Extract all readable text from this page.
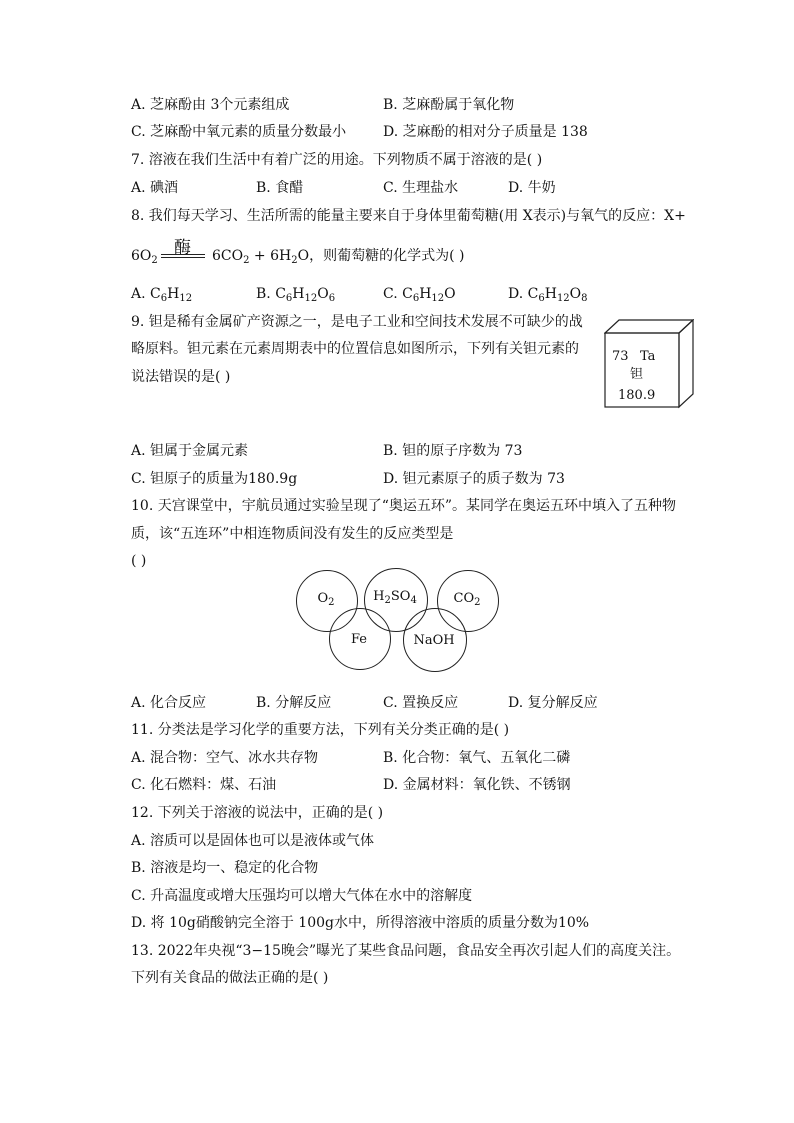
A. 芝麻酚由 3个元素组成	B. 芝麻酚属于氧化物
C. 芝麻酚中氧元素的质量分数最小	D. 芝麻酚的相对分子质量是 138
7. 溶液在我们生活中有着广泛的用途。下列物质不属于溶液的是( )
A. 碘酒	B. 食醋	C. 生理盐水	D. 牛奶
8. 我们每天学习、生活所需的能量主要来自于身体里葡萄糖(用 X表示)与氧气的反应：X+
$6O_2$
酶 $6CO_2 + 6H_2O$，则葡萄糖的化学式为( )
A. $C_6H_{12}$	B. $C_6H_{12}O_6$	C. $C_6H_{12}O$	D. $C_6H_{12}O_8$
9. 钽是稀有金属矿产资源之一，是电子工业和空间技术发展不可缺少的战
略原料。钽元素在元素周期表中的位置信息如图所示，下列有关钽元素的
说法错误的是( )
73 Ta
钽
180.9
A. 钽属于金属元素	B. 钽的原子序数为 73
C. 钽原子的质量为180.9g	D. 钽元素原子的质子数为 73
10. 天宫课堂中，宇航员通过实验呈现了“奥运五环”。某同学在奥运五环中填入了五种物
质，该“五连环”中相连物质间没有发生的反应类型是
( )
$O_2$	$H_2SO_4$	$CO_2$
Fe	NaOH
A. 化合反应	B. 分解反应	C. 置换反应	D. 复分解反应
11. 分类法是学习化学的重要方法，下列有关分类正确的是( )
A. 混合物：空气、冰水共存物	B. 化合物：氧气、五氧化二磷
C. 化石燃料：煤、石油	D. 金属材料：氧化铁、不锈钢
12. 下列关于溶液的说法中，正确的是( )
A. 溶质可以是固体也可以是液体或气体
B. 溶液是均一、稳定的化合物
C. 升高温度或增大压强均可以增大气体在水中的溶解度
D. 将 10g硝酸钠完全溶于 100g水中，所得溶液中溶质的质量分数为10%
13. 2022年央视“3−15晚会”曝光了某些食品问题，食品安全再次引起人们的高度关注。
下列有关食品的做法正确的是( )
